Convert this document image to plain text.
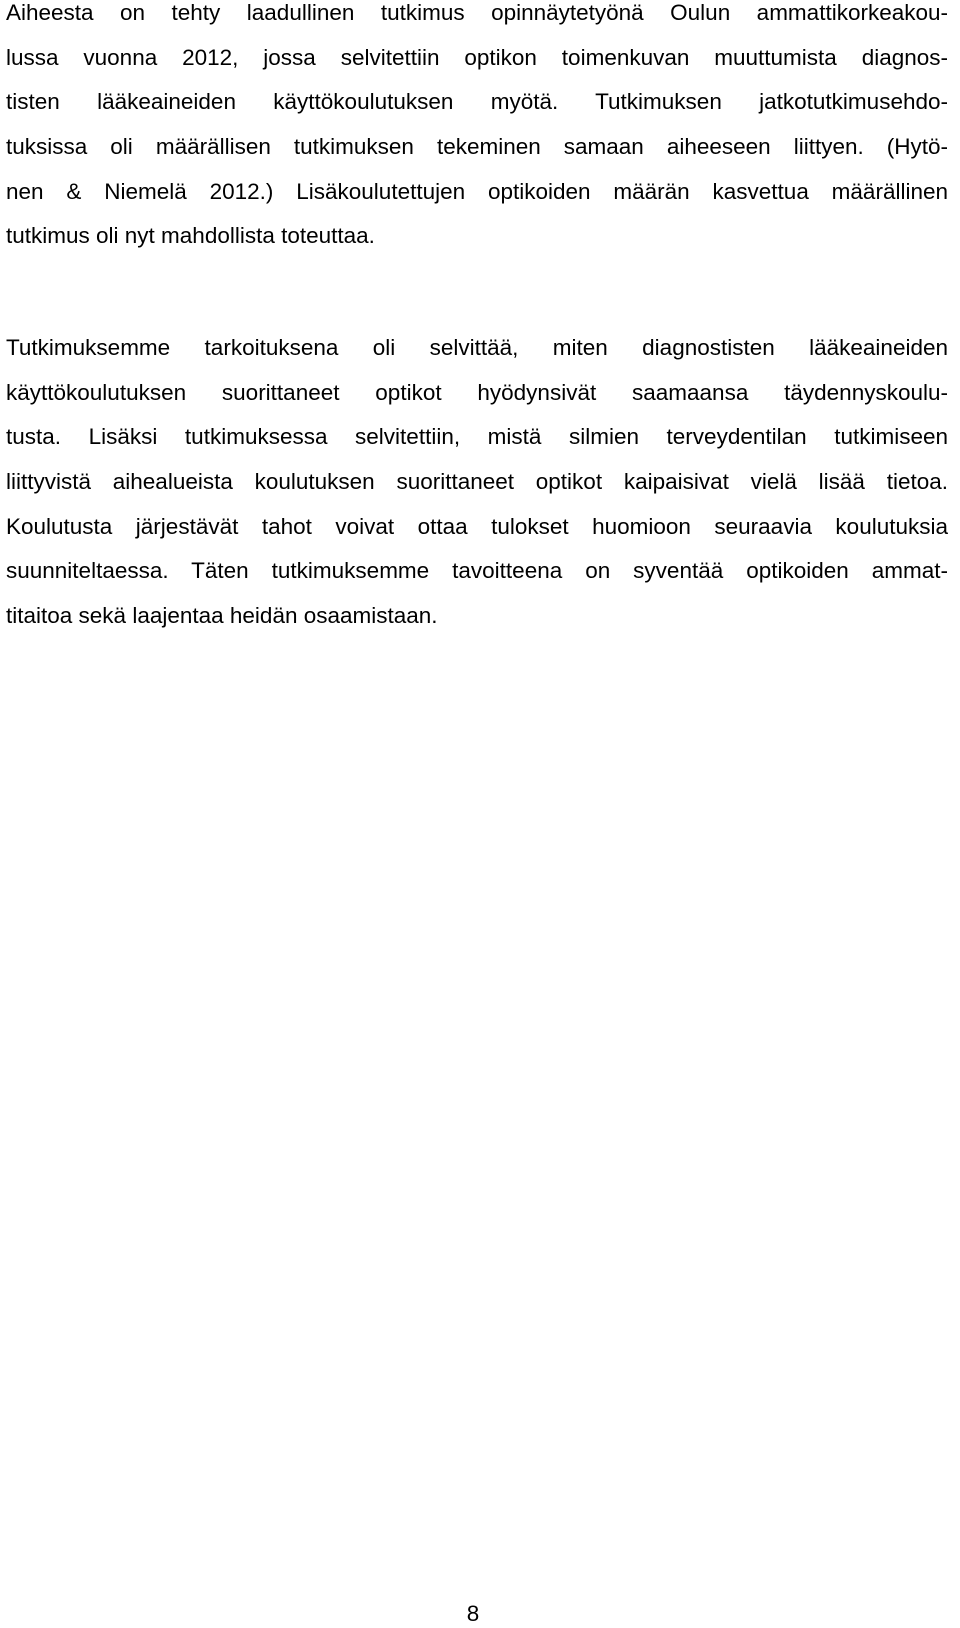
Aiheesta on tehty laadullinen tutkimus opinnäytetyönä Oulun ammattikorkeakou-
lussa vuonna 2012, jossa selvitettiin optikon toimenkuvan muuttumista diagnos-
tisten lääkeaineiden käyttökoulutuksen myötä. Tutkimuksen jatkotutkimusehdo-
tuksissa oli määrällisen tutkimuksen tekeminen samaan aiheeseen liittyen. (Hytö-
nen & Niemelä 2012.) Lisäkoulutettujen optikoiden määrän kasvettua määrällinen
tutkimus oli nyt mahdollista toteuttaa.
Tutkimuksemme tarkoituksena oli selvittää, miten diagnostisten lääkeaineiden
käyttökoulutuksen suorittaneet optikot hyödynsivät saamaansa täydennyskoulu-
tusta. Lisäksi tutkimuksessa selvitettiin, mistä silmien terveydentilan tutkimiseen
liittyvistä aihealueista koulutuksen suorittaneet optikot kaipaisivat vielä lisää tietoa.
Koulutusta järjestävät tahot voivat ottaa tulokset huomioon seuraavia koulutuksia
suunniteltaessa. Täten tutkimuksemme tavoitteena on syventää optikoiden ammat-
titaitoa sekä laajentaa heidän osaamistaan.
8
